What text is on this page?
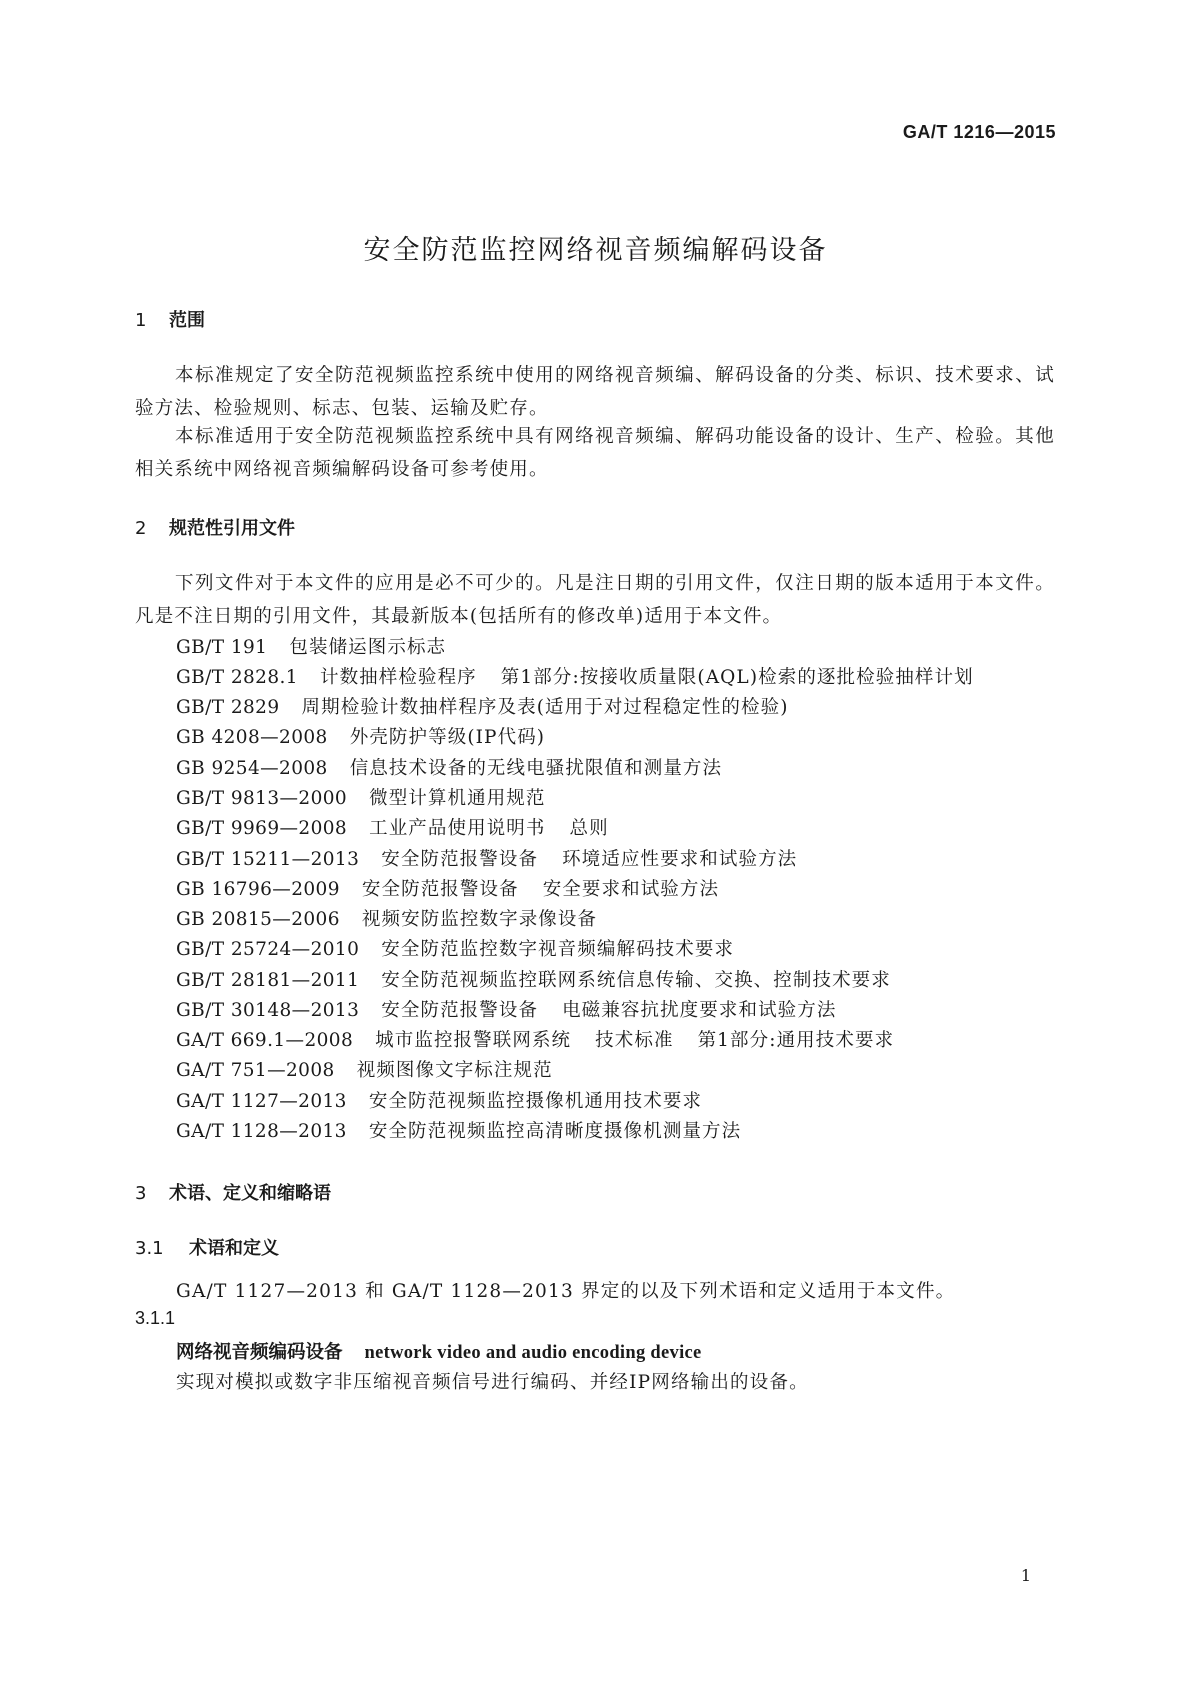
GA/T 1216—2015
安全防范监控网络视音频编解码设备
1 范围
本标准规定了安全防范视频监控系统中使用的网络视音频编、解码设备的分类、标识、技术要求、试验方法、检验规则、标志、包装、运输及贮存。
本标准适用于安全防范视频监控系统中具有网络视音频编、解码功能设备的设计、生产、检验。其他相关系统中网络视音频编解码设备可参考使用。
2 规范性引用文件
下列文件对于本文件的应用是必不可少的。凡是注日期的引用文件，仅注日期的版本适用于本文件。凡是不注日期的引用文件，其最新版本(包括所有的修改单)适用于本文件。
GB/T 191 包装储运图示标志
GB/T 2828.1 计数抽样检验程序 第1部分:按接收质量限(AQL)检索的逐批检验抽样计划
GB/T 2829 周期检验计数抽样程序及表(适用于对过程稳定性的检验)
GB 4208—2008 外壳防护等级(IP代码)
GB 9254—2008 信息技术设备的无线电骚扰限值和测量方法
GB/T 9813—2000 微型计算机通用规范
GB/T 9969—2008 工业产品使用说明书 总则
GB/T 15211—2013 安全防范报警设备 环境适应性要求和试验方法
GB 16796—2009 安全防范报警设备 安全要求和试验方法
GB 20815—2006 视频安防监控数字录像设备
GB/T 25724—2010 安全防范监控数字视音频编解码技术要求
GB/T 28181—2011 安全防范视频监控联网系统信息传输、交换、控制技术要求
GB/T 30148—2013 安全防范报警设备 电磁兼容抗扰度要求和试验方法
GA/T 669.1—2008 城市监控报警联网系统 技术标准 第1部分:通用技术要求
GA/T 751—2008 视频图像文字标注规范
GA/T 1127—2013 安全防范视频监控摄像机通用技术要求
GA/T 1128—2013 安全防范视频监控高清晰度摄像机测量方法
3 术语、定义和缩略语
3.1 术语和定义
GA/T 1127—2013 和 GA/T 1128—2013 界定的以及下列术语和定义适用于本文件。
3.1.1
网络视音频编码设备 network video and audio encoding device
实现对模拟或数字非压缩视音频信号进行编码、并经IP网络输出的设备。
1
